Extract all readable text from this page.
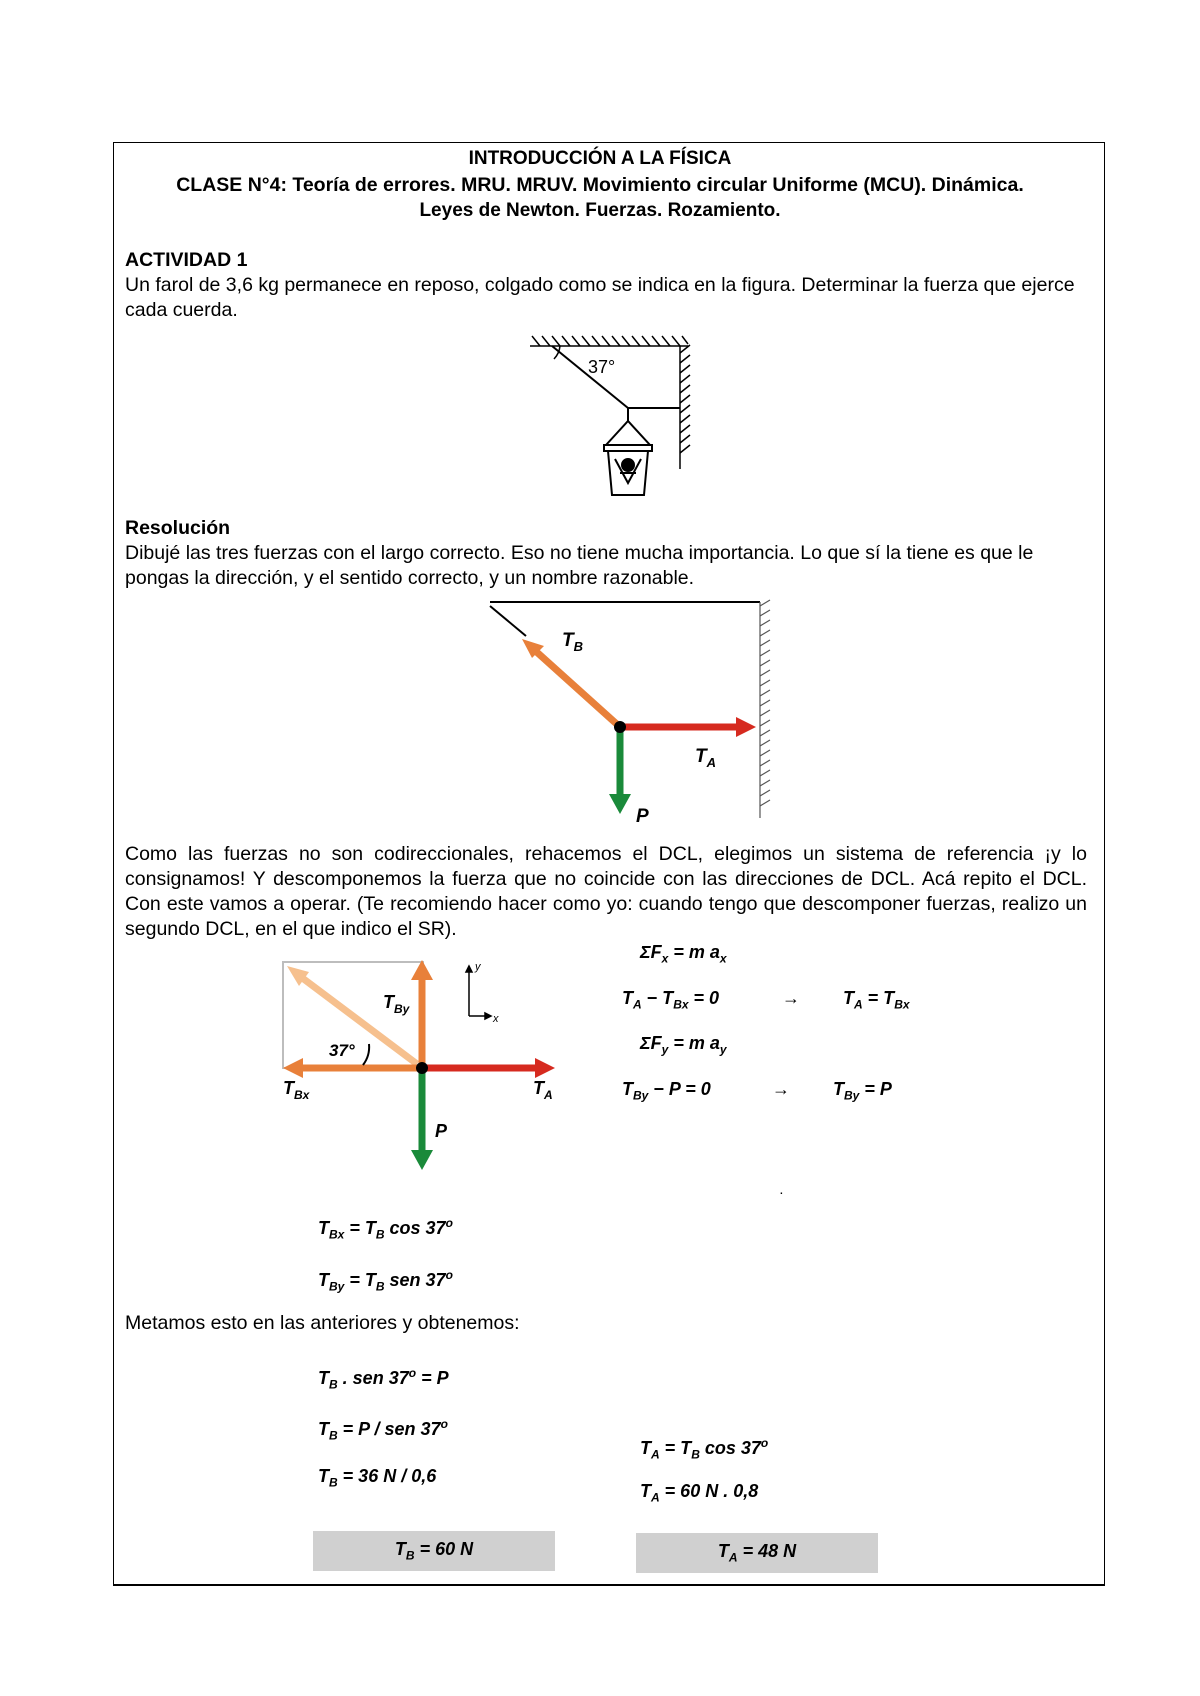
INTRODUCCIÓN A LA FÍSICA
CLASE N°4: Teoría de errores. MRU. MRUV. Movimiento circular Uniforme (MCU). Dinámica.
Leyes de Newton. Fuerzas. Rozamiento.
ACTIVIDAD 1
Un farol de 3,6 kg permanece en reposo, colgado como se indica en la figura. Determinar la fuerza que ejerce cada cuerda.
37°
Resolución
Dibujé las tres fuerzas con el largo correcto. Eso no tiene mucha importancia. Lo que sí la tiene es que le pongas la dirección, y el sentido correcto, y un nombre razonable.
$T_B$
$T_A$
P
Como las fuerzas no son codireccionales, rehacemos el DCL, elegimos un sistema de referencia ¡y lo consignamos! Y descomponemos la fuerza que no coincide con las direcciones de DCL. Acá repito el DCL. Con este vamos a operar. (Te recomiendo hacer como yo: cuando tengo que descomponer fuerzas, realizo un segundo DCL, en el que indico el SR).
37°
$T_{By}$
$T_{Bx}$	$T_A$
P
y
x
$\Sigma F_x = m$ $a_x$
$T_A - T_{Bx} = 0$	→ $T_A = T_{Bx}$
$\Sigma F_y = m$ $a_y$
$T_{By} - P = 0$	→ $T_{By} = P$
.
$T_{Bx} = T_B$ cos 37$^o$
$T_{By} = T_B$ sen 37$^o$
Metamos esto en las anteriores y obtenemos:
$T_B$ . sen $37^o = P$
$T_B = P$ / sen 37$^o$
$T_B = 36$ N / 0,6
$T_A = T_B$ cos 37$^o$
$T_A = 60$ N . 0,8
$T_B = 60$ N	$T_A = 48$ N
